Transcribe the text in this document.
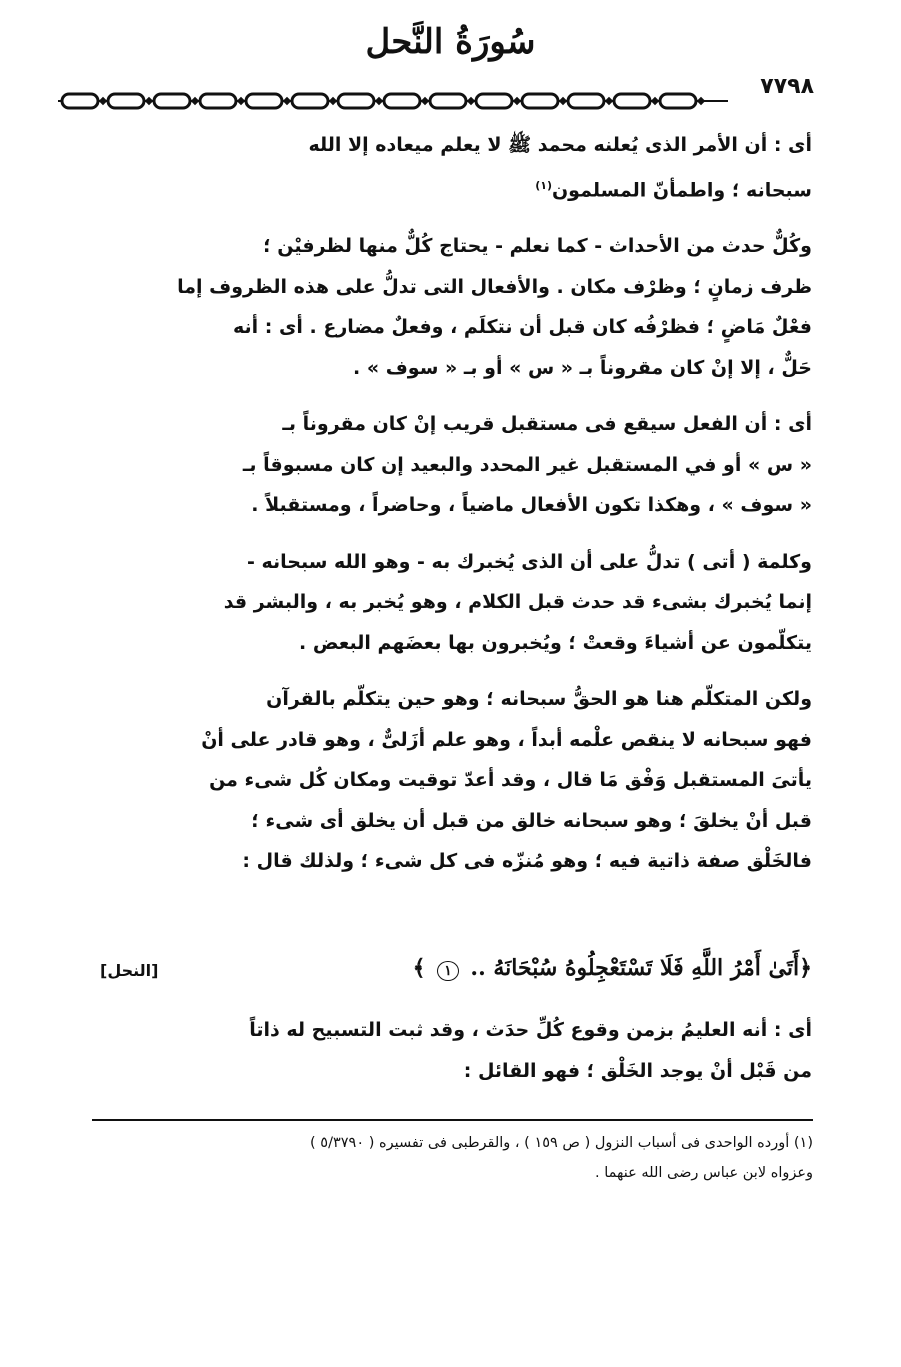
سُورَةُ النَّحل
٧٧٩٨

أى : أن الأمر الذى يُعلنه محمد ﷺ لا يعلم ميعاده إلا الله
سبحانه ؛ واطمأنّ المسلمون$^{(١)}$

وكُلٌّ حدث من الأحداث - كما نعلم - يحتاج كُلٌّ منها لظرفيْن ؛
ظرف زمانٍ ؛ وظرْف مكان . والأفعال التى تدلُّ على هذه الظروف إما
فعْلٌ مَاضٍ ؛ فظرْفُه كان قبل أن نتكلَم ، وفعلٌ مضارع . أى : أنه
حَلٌّ ، إلا إنْ كان مقروناً بـ « س » أو بـ « سوف » .

أى : أن الفعل سيقع فى مستقبل قريب إنْ كان مقروناً بـ
« س » أو في المستقبل غير المحدد والبعيد إن كان مسبوقاً بـ
« سوف » ، وهكذا تكون الأفعال ماضياً ، وحاضراً ، ومستقبلاً .

وكلمة ( أتى ) تدلُّ على أن الذى يُخبرك به - وهو الله سبحانه -
إنما يُخبرك بشىء قد حدث قبل الكلام ، وهو يُخبر به ، والبشر قد
يتكلّمون عن أشياءَ وقعتْ ؛ ويُخبرون بها بعضَهم البعض .

ولكن المتكلّم هنا هو الحقُّ سبحانه ؛ وهو حين يتكلّم بالقرآن
فهو سبحانه لا ينقص علْمه أبداً ، وهو علم أزَلىٌّ ، وهو قادر على أنْ
يأتىَ المستقبل وَفْق مَا قال ، وقد أعدّ توقيت ومكان كُل شىء من
قبل أنْ يخلقَ ؛ وهو سبحانه خالق من قبل أن يخلق أى شىء ؛
فالخَلْق صفة ذاتية فيه ؛ وهو مُنزّه فى كل شىء ؛ ولذلك قال :

﴿أَتَىٰ أَمْرُ اللَّهِ فَلَا تَسْتَعْجِلُوهُ سُبْحَانَهُ .. ١ ﴾
[النحل]
أى : أنه العليمُ بزمن وقوع كُلِّ حدَث ، وقد ثبت التسبيح له ذاتاً
من قَبْل أنْ يوجد الخَلْق ؛ فهو القائل :
(١) أورده الواحدى فى أسباب النزول ( ص ١٥٩ ) ، والقرطبى فى تفسيره ( ٥/٣٧٩٠ )
وعزواه لابن عباس رضى الله عنهما .
